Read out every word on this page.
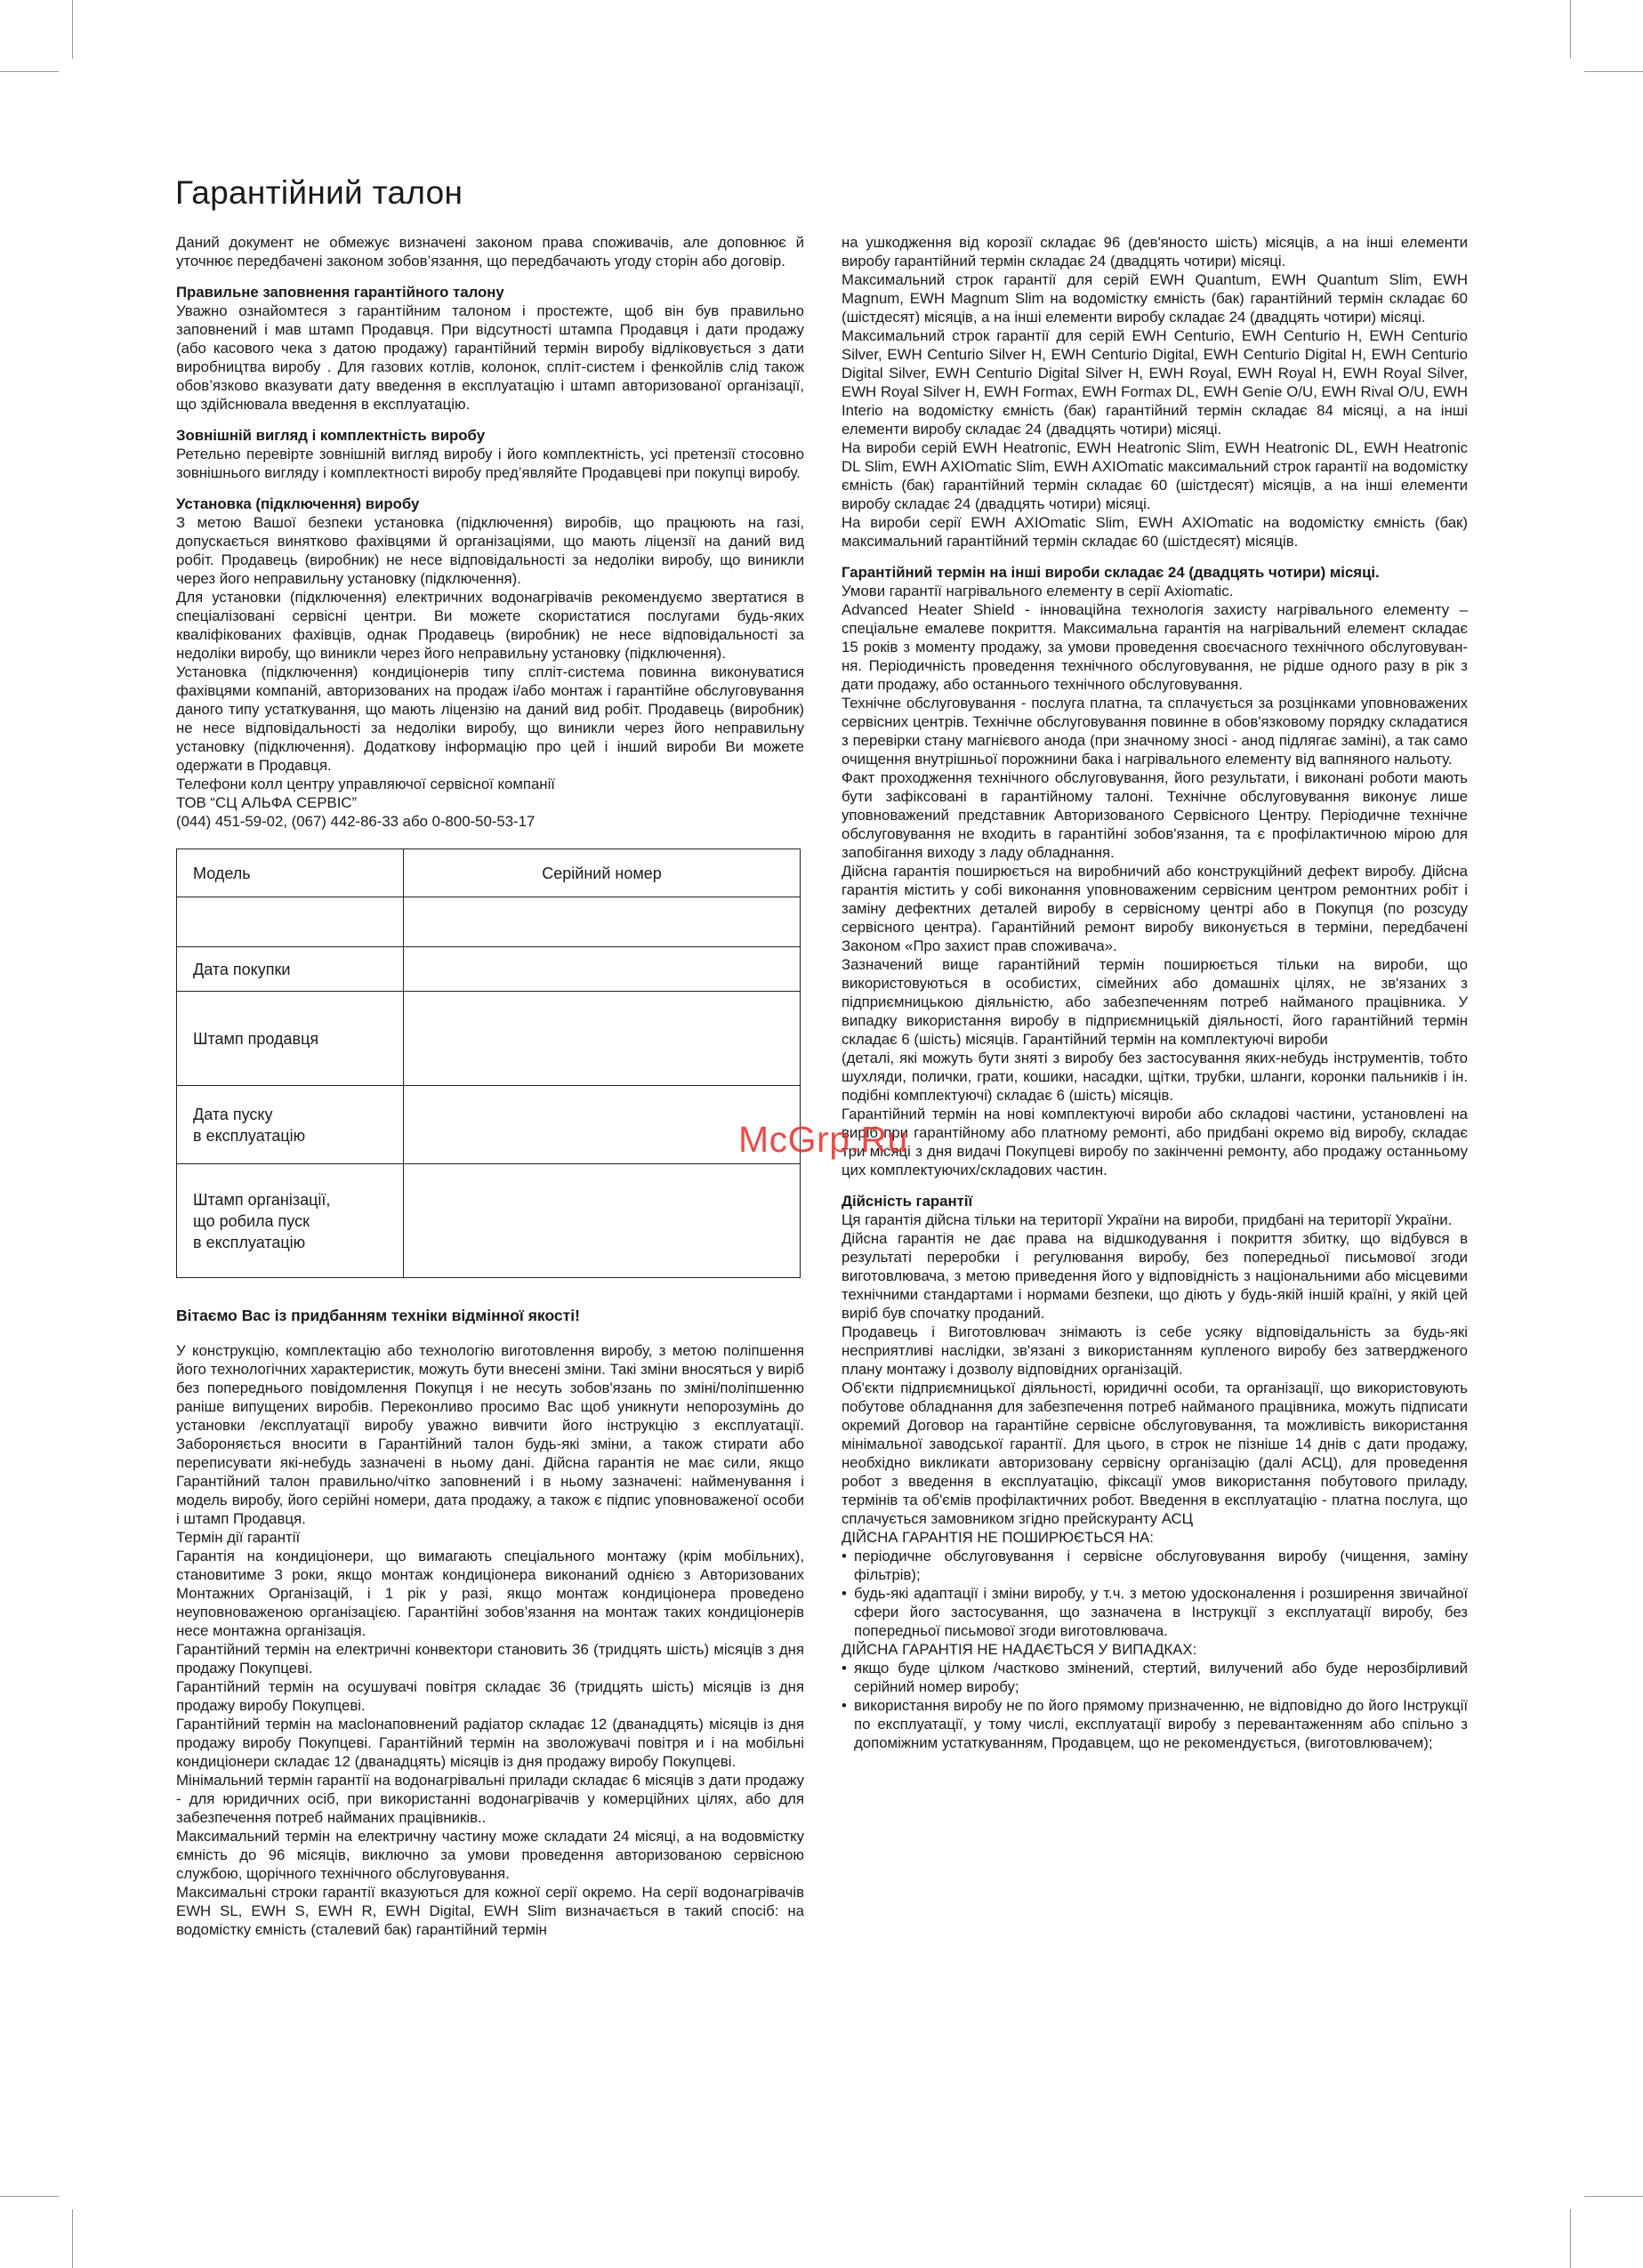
Гарантійний талон

Даний документ не обмежує визначені законом права споживачів, але доповнює й уточнює передбачені законом зобов’язання, що передбачають угоду сторін або договір.

Правильне заповнення гарантійного талону

Уважно ознайомтеся з гарантійним талоном і простежте, щоб він був правильно заповнений і мав штамп Продавця. При відсутності штампа Продавця і дати продажу (або касового чека з датою продажу) гарантійний термін виробу відліковується з дати виробництва виробу . Для газових котлів, колонок, спліт-систем і фенкойлів слід також обов’язково вказувати дату введення в експлуатацію і штамп авторизованої організації, що здійснювала введення в експлуатацію.

Зовнішній вигляд і комплектність виробу

Ретельно перевірте зовнішній вигляд виробу і його комплектність, усі претензії стосовно зовнішнього вигляду і комплектності виробу пред’являйте Продавцеві при покупці виробу.

Установка (підключення) виробу

З метою Вашої безпеки установка (підключення) виробів, що працюють на газі, допускається винятково фахівцями й організаціями, що мають ліцензії на даний вид робіт. Продавець (виробник) не несе відповідальності за недоліки виробу, що виникли через його неправильну установку (підключення).

Для установки (підключення) електричних водонагрівачів рекомендуємо звертатися в спеціалізовані сервісні центри. Ви можете скористатися послугами будь-яких кваліфікованих фахівців, однак Продавець (виробник) не несе відповідальності за недоліки виробу, що виникли через його неправильну установку (підключення).

Установка (підключення) кондиціонерів типу спліт-система повинна виконуватися фахівцями компаній, авторизованих на продаж і/або монтаж і гарантійне обслуговування даного типу устаткування, що мають ліцензію на даний вид робіт. Продавець (виробник) не несе відповідальності за недоліки виробу, що виникли через його неправильну установку (підключення). Додаткову інформацію про цей і інший вироби Ви можете одержати в Продавця.

Телефони колл центру управляючої сервісної компанії

ТОВ “СЦ АЛЬФА СЕРВІС”

(044) 451-59-02, (067) 442-86-33 або 0-800-50-53-17

Модель	Серійний номер

Дата покупки	
Штамп продавця	

Дата пуску
в експлуатацію	

Штамп організації,
що робила пуск
в експлуатацію	

Вітаємо Вас із придбанням техніки відмінної якості!

У конструкцію, комплектацію або технологію виготовлення виробу, з метою поліпшення його технологічних характеристик, можуть бути внесені зміни. Такі зміни вносяться у виріб без попереднього повідомлення Покупця і не несуть зобов'язань по зміні/поліпшенню раніше випущених виробів. Переконливо просимо Вас щоб уникнути непорозумінь до установки /експлуатації виробу уважно вивчити його інструкцію з експлуатації. Забороняється вносити в Гарантійний талон будь-які зміни, а також стирати або переписувати які-небудь зазначені в ньому дані. Дійсна гарантія не має сили, якщо Гарантійний талон правильно/чітко заповнений і в ньому зазначені: найменування і модель виробу, його серійні номери, дата продажу, а також є підпис уповноваженої особи і штамп Продавця.

Термін дії гарантії

Гарантія на кондиціонери, що вимагають спеціального монтажу (крім мобільних), становитиме 3 роки, якщо монтаж кондиціонера виконаний однією з Авторизованих Монтажних Організацій, і 1 рік у разі, якщо монтаж кондиціонера проведено неуповноваженою організацією. Гарантійні зобов’язання на монтаж таких кондиціонерів несе монтажна організація.

Гарантійний термін на електричні конвектори становить 36 (тридцять шість) місяців з дня продажу Покупцеві.

Гарантійний термін на осушувачі повітря складає 36 (тридцять шість) місяців із дня продажу виробу Покупцеві.

Гарантійний термін на масlонаповнений радіатор складає 12 (дванадцять) місяців із дня продажу виробу Покупцеві. Гарантійний термін на зволожувачі повітря и і на мобільні кондиціонери складає 12 (дванадцять) місяців із дня продажу виробу Покупцеві.

Мінімальний термін гарантії на водонагрівальні прилади складає 6 місяців з дати продажу - для юридичних осіб, при використанні водонагрівачів у комерційних цілях, або для забезпечення потреб найманих працівників..

Максимальний термін на електричну частину може складати 24 місяці, а на водовмістку ємність до 96 місяців, виключно за умови проведення авторизованою сервісною службою, щорічного технічного обслуговування.

Максимальні строки гарантії вказуються для кожної серії окремо. На серії водонагрівачів EWH SL, EWH S, EWH R, EWH Digital, EWH Slim визначається в такий спосіб: на водомістку ємність (сталевий бак) гарантійний термін

на ушкодження від корозії складає 96 (дев'яносто шість) місяців, а на інші елементи виробу гарантійний термін складає 24 (двадцять чотири) місяці.

Максимальний строк гарантії для серій EWH Quantum, EWH Quantum Slim, EWH Magnum, EWH Magnum Slim на водомістку ємність (бак) гарантійний термін складає 60 (шістдесят) місяців, а на інші елементи виробу складає 24 (двадцять чотири) місяці.

Максимальний строк гарантії для серій EWH Centurio, EWH Centurio H, EWH Centurio Silver, EWH Centurio Silver H, EWH Centurio Digital, EWH Centurio Digital H, EWH Centurio Digital Silver, EWH Centurio Digital Silver H, EWH Royal, EWH Royal H, EWH Royal Silver, EWH Royal Silver H, EWH Formax, EWH Formax DL, EWH Genie O/U, EWH Rival O/U, EWH Interio на водомістку ємність (бак) гарантійний термін складає 84 місяці, а на інші елементи виробу складає 24 (двадцять чотири) місяці.

На вироби серій EWH Heatronic, EWH Heatronic Slim, EWH Heatronic DL, EWH Heatronic DL Slim, EWH AXIOmatic Slim, EWH AXIOmatic максимальний строк гарантії на водомістку ємність (бак) гарантійний термін складає 60 (шістдесят) місяців, а на інші елементи виробу складає 24 (двадцять чотири) місяці.

На вироби серії EWH AXIOmatic Slim, EWH AXIOmatic на водомістку ємність (бак) максимальний гарантійний термін складає 60 (шістдесят) місяців.

Гарантійний термін на інші вироби складає 24 (двадцять чотири) місяці.

Умови гарантії нагрівального елементу в серії Axiomatic.

Advanced Heater Shield - інноваційна технологія захисту нагрівального елементу – спеціальне емалеве покриття. Максимальна гарантія на нагрівальний елемент складає 15 років з моменту продажу, за умови проведення своєчасного технічного обслуговуван- ня. Періодичність проведення технічного обслуговування, не рідше одного разу в рік з дати продажу, або останнього технічного обслуговування.

Технічне обслуговування - послуга платна, та сплачується за розцінками уповноважених сервісних центрів. Технічне обслуговування повинне в обов'язковому порядку складатися з перевірки стану магнієвого анода (при значному зносі - анод підлягає заміні), а так само очищення внутрішньої порожнини бака і нагрівального елементу від вапняного нальоту.

Факт проходження технічного обслуговування, його результати, і виконані роботи мають бути зафіксовані в гарантійному талоні. Технічне обслуговування виконує лише уповноважений представник Авторизованого Сервісного Центру. Періодичне технічне обслуговування не входить в гарантійні зобов'язання, та є профілактичною мірою для запобігання виходу з ладу обладнання.

Дійсна гарантія поширюється на виробничий або конструкційний дефект виробу. Дійсна гарантія містить у собі виконання уповноваженим сервісним центром ремонтних робіт і заміну дефектних деталей виробу в сервісному центрі або в Покупця (по розсуду сервісного центра). Гарантійний ремонт виробу виконується в терміни, передбачені Законом «Про захист прав споживача».

Зазначений вище гарантійний термін поширюється тільки на вироби, що використовуються в особистих, сімейних або домашніх цілях, не зв'язаних з підприємницькою діяльністю, або забезпеченням потреб найманого працівника. У випадку використання виробу в підприємницькій діяльності, його гарантійний термін складає 6 (шість) місяців. Гарантійний термін на комплектуючі вироби

(деталі, які можуть бути зняті з виробу без застосування яких-небудь інструментів, тобто шухляди, полички, грати, кошики, насадки, щітки, трубки, шланги, коронки пальників і ін. подібні комплектуючі) складає 6 (шість) місяців.

Гарантійний термін на нові комплектуючі вироби або складові частини, установлені на виріб при гарантійному або платному ремонті, або придбані окремо від виробу, складає три місяці з дня видачі Покупцеві виробу по закінченні ремонту, або продажу останньому цих комплектуючих/складових частин.

Дійсність гарантії

Ця гарантія дійсна тільки на території України на вироби, придбані на території України.

Дійсна гарантія не дає права на відшкодування і покриття збитку, що відбувся в результаті переробки і регулювання виробу, без попередньої письмової згоди виготовлювача, з метою приведення його у відповідність з національними або місцевими технічними стандартами і нормами безпеки, що діють у будь-якій іншій країні, у якій цей виріб був спочатку проданий.

Продавець і Виготовлювач знімають із себе усяку відповідальність за будь-які несприятливі наслідки, зв'язані з використанням купленого виробу без затвердженого плану монтажу і дозволу відповідних організацій.

Об'єкти підприємницької діяльності, юридичні особи, та організації, що використовують побутове обладнання для забезпечення потреб найманого працівника, можуть підписати окремий Договор на гарантійне сервісне обслуговування, та можливість використання мінімальної заводської гарантії. Для цього, в строк не пізніше 14 днів с дати продажу, необхідно викликати авторизовану сервісну організацію (далі АСЦ), для проведення робот з введення в експлуатацію, фіксації умов використання побутового приладу, термінів та об'ємів профілактичних робот. Введення в експлуатацію - платна послуга, що сплачується замовником згідно прейскуранту АСЦ

ДІЙСНА ГАРАНТІЯ НЕ ПОШИРЮЄТЬСЯ НА:

• періодичне обслуговування і сервісне обслуговування виробу (чищення, заміну фільтрів);
• будь-які адаптації і зміни виробу, у т.ч. з метою удосконалення і розширення звичайної сфери його застосування, що зазначена в Інструкції з експлуатації виробу, без попередньої письмової згоди виготовлювача.

ДІЙСНА ГАРАНТІЯ НЕ НАДАЄТЬСЯ У ВИПАДКАХ:

• якщо буде цілком /частково змінений, стертий, вилучений або буде нерозбірливий серійний номер виробу;
• використання виробу не по його прямому призначенню, не відповідно до його Інструкції по експлуатації, у тому числі, експлуатації виробу з перевантаженням або спільно з допоміжним устаткуванням, Продавцем, що не рекомендується, (виготовлювачем);
McGrp.Ru
